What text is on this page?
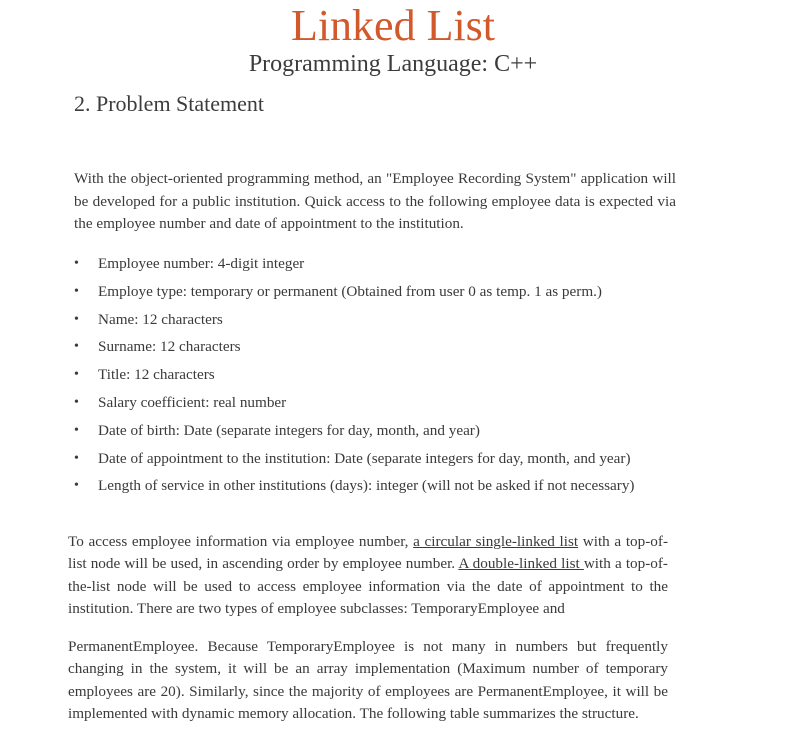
Linked List
Programming Language: C++
2. Problem Statement

With the object-oriented programming method, an "Employee Recording System" application will be developed for a public institution. Quick access to the following employee data is expected via the employee number and date of appointment to the institution.

•	Employee number: 4-digit integer
•	Employe type: temporary or permanent (Obtained from user 0 as temp. 1 as perm.)
•	Name: 12 characters
•	Surname: 12 characters
•	Title: 12 characters
•	Salary coefficient: real number
•	Date of birth: Date (separate integers for day, month, and year)
•	Date of appointment to the institution: Date (separate integers for day, month, and year)
•	Length of service in other institutions (days): integer (will not be asked if not necessary)

To access employee information via employee number, a circular single-linked list with a top-of-list node will be used, in ascending order by employee number. A double-linked list with a top-of-the-list node will be used to access employee information via the date of appointment to the institution. There are two types of employee subclasses: TemporaryEmployee and

PermanentEmployee. Because TemporaryEmployee is not many in numbers but frequently changing in the system, it will be an array implementation (Maximum number of temporary employees are 20). Similarly, since the majority of employees are PermanentEmployee, it will be implemented with dynamic memory allocation. The following table summarizes the structure.
